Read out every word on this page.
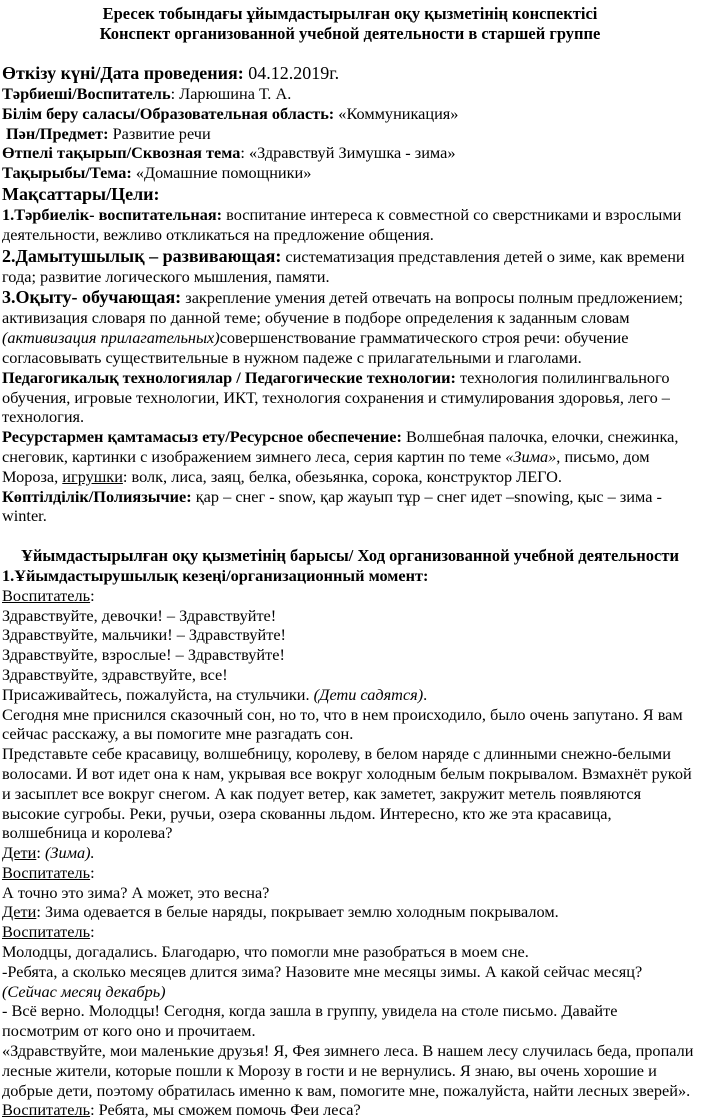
Ересек тобындағы ұйымдастырылған оқу қызметінің конспектісі
Конспект организованной учебной деятельности в старшей группе

Өткізу күні/Дата проведения: 04.12.2019г.

Тәрбиеші/Воспитатель: Ларюшина Т. А.

Білім беру саласы/Образовательная область: «Коммуникация»

Пән/Предмет: Развитие речи

Өтпелі тақырып/Сквозная тема: «Здравствуй Зимушка - зима»

Тақырыбы/Тема: «Домашние помощники»

Мақсаттары/Цели:

1.Тәрбиелік- воспитательная: воспитание интереса к совместной со сверстниками и взрослыми деятельности, вежливо откликаться на предложение общения.

2.Дамытушылық – развивающая: систематизация представления детей о зиме, как времени года; развитие логического мышления, памяти.

3.Оқыту- обучающая: закрепление умения детей отвечать на вопросы полным предложением; активизация словаря по данной теме; обучение в подборе определения к заданным словам (активизация прилагательных)совершенствование грамматического строя речи: обучение согласовывать существительные в нужном падеже с прилагательными и глаголами.

Педагогикалық технологиялар / Педагогические технологии: технология полилингвального обучения, игровые технологии, ИКТ, технология сохранения и стимулирования здоровья, лего – технология.

Ресурстармен қамтамасыз ету/Ресурсное обеспечение: Волшебная палочка, елочки, снежинка, снеговик, картинки с изображением зимнего леса, серия картин по теме «Зима», письмо, дом Мороза, игрушки: волк, лиса, заяц, белка, обезьянка, сорока, конструктор ЛЕГО.

Көптілділік/Полиязычие: қар – снег - snow, қар жауып тұр – снег идет –snowing, қыс – зима - winter.

Ұйымдастырылған оқу қызметінің барысы/ Ход организованной учебной деятельности

1.Ұйымдастырушылық кезеңі/организационный момент:

Воспитатель:

Здравствуйте, девочки! – Здравствуйте!

Здравствуйте, мальчики! – Здравствуйте!

Здравствуйте, взрослые! – Здравствуйте!

Здравствуйте, здравствуйте, все!

Присаживайтесь, пожалуйста, на стульчики. (Дети садятся).

Сегодня мне приснился сказочный сон, но то, что в нем происходило, было очень запутано. Я вам сейчас расскажу, а вы помогите мне разгадать сон.

Представьте себе красавицу, волшебницу, королеву, в белом наряде с длинными снежно-белыми волосами. И вот идет она к нам, укрывая все вокруг холодным белым покрывалом. Взмахнёт рукой и засыплет все вокруг снегом. А как подует ветер, как заметет, закружит метель появляются высокие сугробы. Реки, ручьи, озера скованны льдом. Интересно, кто же эта красавица, волшебница и королева?

Дети: (Зима).

Воспитатель:

А точно это зима? А может, это весна?

Дети: Зима одевается в белые наряды, покрывает землю холодным покрывалом.

Воспитатель:

Молодцы, догадались. Благодарю, что помогли мне разобраться в моем сне.

-Ребята, а сколько месяцев длится зима? Назовите мне месяцы зимы. А какой сейчас месяц? (Сейчас месяц декабрь)

- Всё верно. Молодцы! Сегодня, когда зашла в группу, увидела на столе письмо. Давайте посмотрим от кого оно и прочитаем.

«Здравствуйте, мои маленькие друзья! Я, Фея зимнего леса. В нашем лесу случилась беда, пропали лесные жители, которые пошли к Морозу в гости и не вернулись. Я знаю, вы очень хорошие и добрые дети, поэтому обратилась именно к вам, помогите мне, пожалуйста, найти лесных зверей».

Воспитатель: Ребята, мы сможем помочь Феи леса?
